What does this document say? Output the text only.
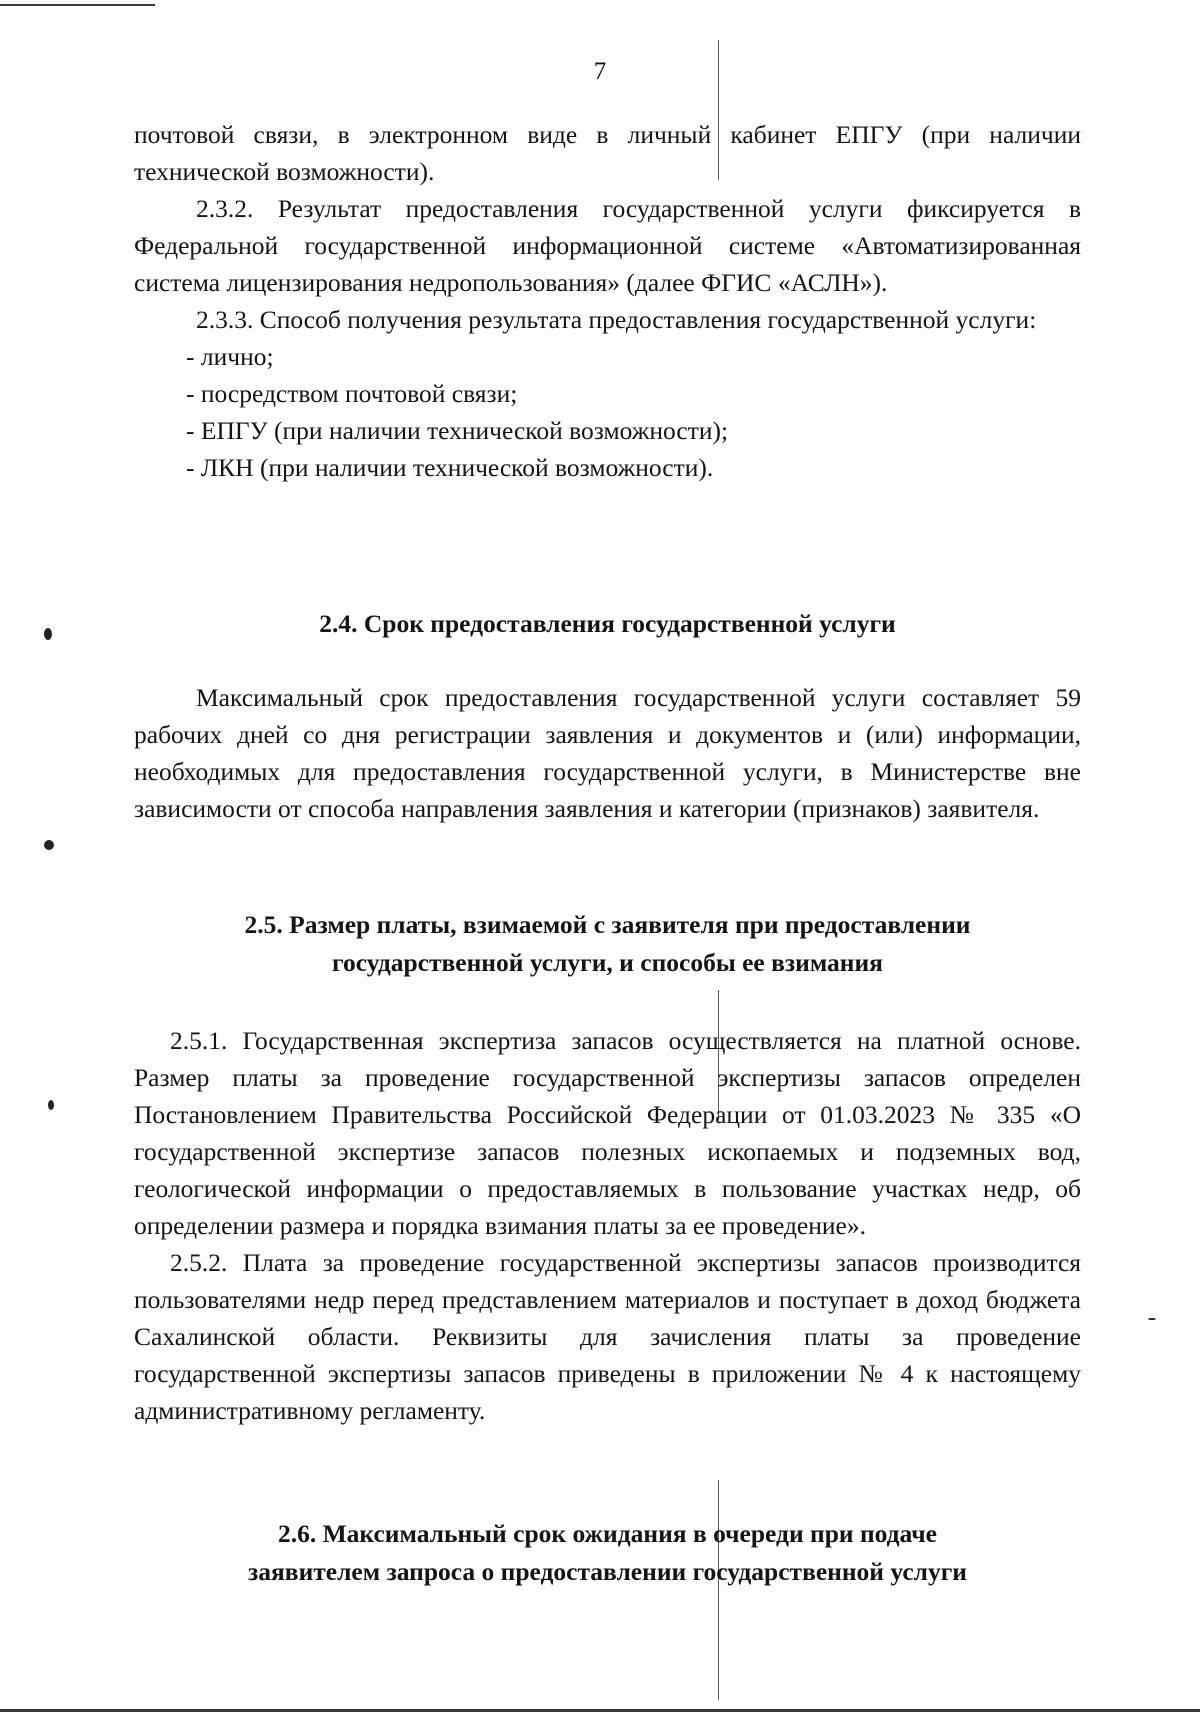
7

почтовой связи, в электронном виде в личный кабинет ЕПГУ (при наличии технической возможности).

2.3.2. Результат предоставления государственной услуги фиксируется в Федеральной государственной информационной системе «Автоматизированная система лицензирования недропользования» (далее ФГИС «АСЛН»).

2.3.3. Способ получения результата предоставления государственной услуги:

- лично;

- посредством почтовой связи;

- ЕПГУ (при наличии технической возможности);

- ЛКН (при наличии технической возможности).

2.4. Срок предоставления государственной услуги

Максимальный срок предоставления государственной услуги составляет 59 рабочих дней со дня регистрации заявления и документов и (или) информации, необходимых для предоставления государственной услуги, в Министерстве вне зависимости от способа направления заявления и категории (признаков) заявителя.

2.5. Размер платы, взимаемой с заявителя при предоставлении
государственной услуги, и способы ее взимания

2.5.1. Государственная экспертиза запасов осуществляется на платной основе. Размер платы за проведение государственной экспертизы запасов определен Постановлением Правительства Российской Федерации от 01.03.2023 № 335 «О государственной экспертизе запасов полезных ископаемых и подземных вод, геологической информации о предоставляемых в пользование участках недр, об определении размера и порядка взимания платы за ее проведение».

2.5.2. Плата за проведение государственной экспертизы запасов производится пользователями недр перед представлением материалов и поступает в доход бюджета Сахалинской области. Реквизиты для зачисления платы за проведение государственной экспертизы запасов приведены в приложении № 4 к настоящему административному регламенту.

2.6. Максимальный срок ожидания в очереди при подаче
заявителем запроса о предоставлении государственной услуги
